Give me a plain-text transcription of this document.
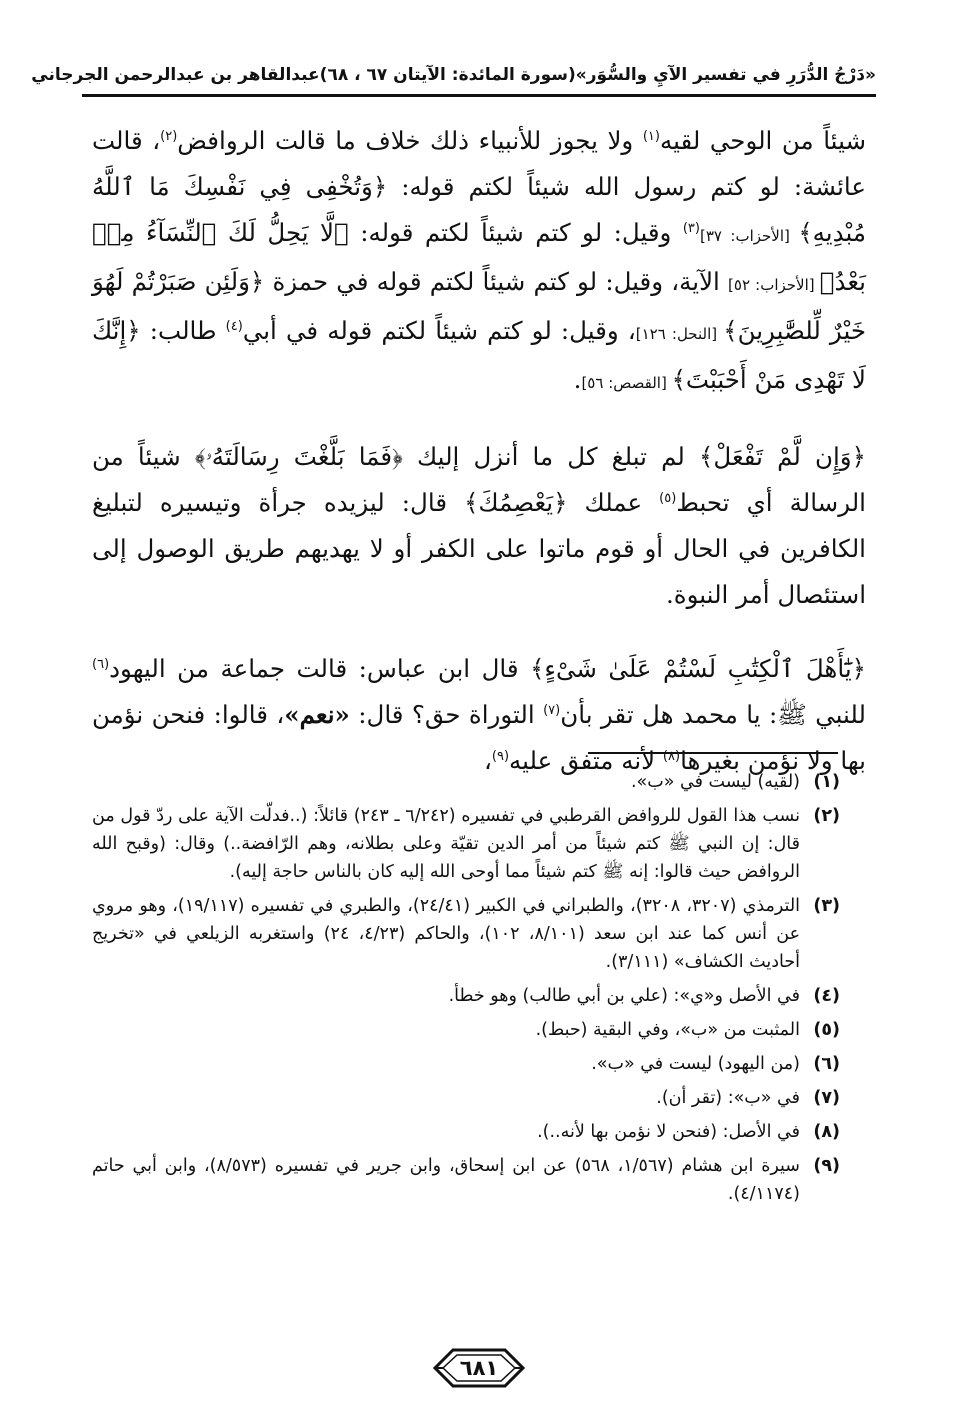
«دَرْجُ الدُّرَرِ في تفسير الآيِ والسُّوَر»
(سورة المائدة: الآيتان ٦٧ ، ٦٨)
عبدالقاهر بن عبدالرحمن الجرجاني

شيئاً من الوحي لقيه$^{(١)}$ ولا يجوز للأنبياء ذلك خلاف ما قالت الروافض$^{(٢)}$، قالت عائشة: لو كتم رسول الله شيئاً لكتم قوله: ﴿وَتُخْفِى فِي نَفْسِكَ مَا ٱللَّهُ مُبْدِيهِ﴾ [الأحزاب: ٣٧]$^{(٣)}$ وقيل: لو كتم شيئاً لكتم قوله: ﴿لَّا يَحِلُّ لَكَ ٱلنِّسَآءُ مِنۢ بَعْدُ﴾ [الأحزاب: ٥٢] الآية، وقيل: لو كتم شيئاً لكتم قوله في حمزة ﴿وَلَئِن صَبَرْتُمْ لَهُوَ خَيْرٌ لِّلصَّٰبِرِينَ﴾ [النحل: ١٢٦]، وقيل: لو كتم شيئاً لكتم قوله في أبي$^{(٤)}$ طالب: ﴿إِنَّكَ لَا تَهْدِى مَنْ أَحْبَبْتَ﴾ [القصص: ٥٦].

﴿وَإِن لَّمْ تَفْعَلْ﴾ لم تبلغ كل ما أنزل إليك ﴿فَمَا بَلَّغْتَ رِسَالَتَهُۥ﴾ شيئاً من الرسالة أي تحبط$^{(٥)}$ عملك ﴿يَعْصِمُكَ﴾ قال: ليزيده جرأة وتيسيره لتبليغ الكافرين في الحال أو قوم ماتوا على الكفر أو لا يهديهم طريق الوصول إلى استئصال أمر النبوة.

﴿يَٰٓأَهْلَ ٱلْكِتَٰبِ لَسْتُمْ عَلَىٰ شَىْءٍ﴾ قال ابن عباس: قالت جماعة من اليهود$^{(٦)}$ للنبي ﷺ: يا محمد هل تقر بأن$^{(٧)}$ التوراة حق؟ قال: «نعم»، قالوا: فنحن نؤمن بها ولا نؤمن بغيرها$^{(٨)}$ لأنه متفق عليه$^{(٩)}$،

(١)
(لقيه) ليست في «ب».
(٢)
نسب هذا القول للروافض القرطبي في تفسيره (٦/٢٤٢ ـ ٢٤٣) قائلاً: (..فدلّت الآية على ردّ قول من قال: إن النبي ﷺ كتم شيئاً من أمر الدين تقيّة وعلى بطلانه، وهم الرّافضة..) وقال: (وقبح الله الروافض حيث قالوا: إنه ﷺ كتم شيئاً مما أوحى الله إليه كان بالناس حاجة إليه).
(٣)
الترمذي (٣٢٠٧، ٣٢٠٨)، والطبراني في الكبير (٢٤/٤١)، والطبري في تفسيره (١٩/١١٧)، وهو مروي عن أنس كما عند ابن سعد (٨/١٠١، ١٠٢)، والحاكم (٤/٢٣، ٢٤) واستغربه الزيلعي في «تخريج أحاديث الكشاف» (٣/١١١).
(٤)
في الأصل و«ي»: (علي بن أبي طالب) وهو خطأ.
(٥)
المثبت من «ب»، وفي البقية (حبط).
(٦)
(من اليهود) ليست في «ب».
(٧)
في «ب»: (تقر أن).
(٨)
في الأصل: (فنحن لا نؤمن بها لأنه..).
(٩)
سيرة ابن هشام (١/٥٦٧، ٥٦٨) عن ابن إسحاق، وابن جرير في تفسيره (٨/٥٧٣)، وابن أبي حاتم (٤/١١٧٤).
٦٨١
